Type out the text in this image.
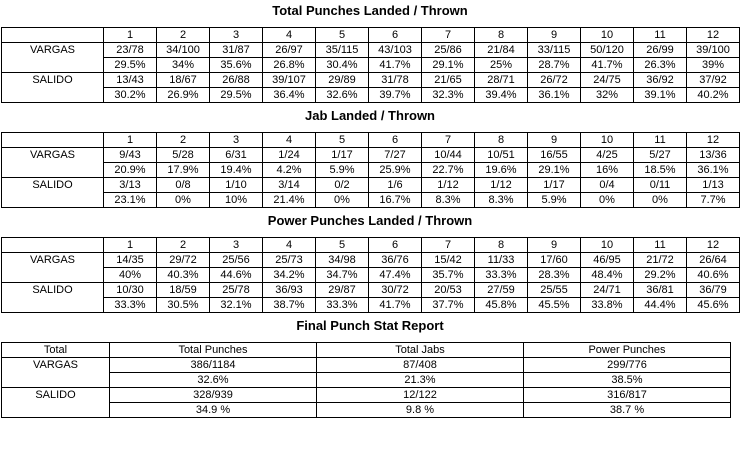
Total Punches Landed / Thrown
	1	2	3	4	5	6	7	8	9	10	11	12
VARGAS	23/78	34/100	31/87	26/97	35/115	43/103	25/86	21/84	33/115	50/120	26/99	39/100
	29.5%	34%	35.6%	26.8%	30.4%	41.7%	29.1%	25%	28.7%	41.7%	26.3%	39%
SALIDO	13/43	18/67	26/88	39/107	29/89	31/78	21/65	28/71	26/72	24/75	36/92	37/92
	30.2%	26.9%	29.5%	36.4%	32.6%	39.7%	32.3%	39.4%	36.1%	32%	39.1%	40.2%
Jab Landed / Thrown
	1	2	3	4	5	6	7	8	9	10	11	12
VARGAS	9/43	5/28	6/31	1/24	1/17	7/27	10/44	10/51	16/55	4/25	5/27	13/36
	20.9%	17.9%	19.4%	4.2%	5.9%	25.9%	22.7%	19.6%	29.1%	16%	18.5%	36.1%
SALIDO	3/13	0/8	1/10	3/14	0/2	1/6	1/12	1/12	1/17	0/4	0/11	1/13
	23.1%	0%	10%	21.4%	0%	16.7%	8.3%	8.3%	5.9%	0%	0%	7.7%
Power Punches Landed / Thrown
	1	2	3	4	5	6	7	8	9	10	11	12
VARGAS	14/35	29/72	25/56	25/73	34/98	36/76	15/42	11/33	17/60	46/95	21/72	26/64
	40%	40.3%	44.6%	34.2%	34.7%	47.4%	35.7%	33.3%	28.3%	48.4%	29.2%	40.6%
SALIDO	10/30	18/59	25/78	36/93	29/87	30/72	20/53	27/59	25/55	24/71	36/81	36/79
	33.3%	30.5%	32.1%	38.7%	33.3%	41.7%	37.7%	45.8%	45.5%	33.8%	44.4%	45.6%
Final Punch Stat Report
Total	Total Punches	Total Jabs	Power Punches
VARGAS	386/1184	87/408	299/776
	32.6%	21.3%	38.5%
SALIDO	328/939	12/122	316/817
	34.9 %	9.8 %	38.7 %
